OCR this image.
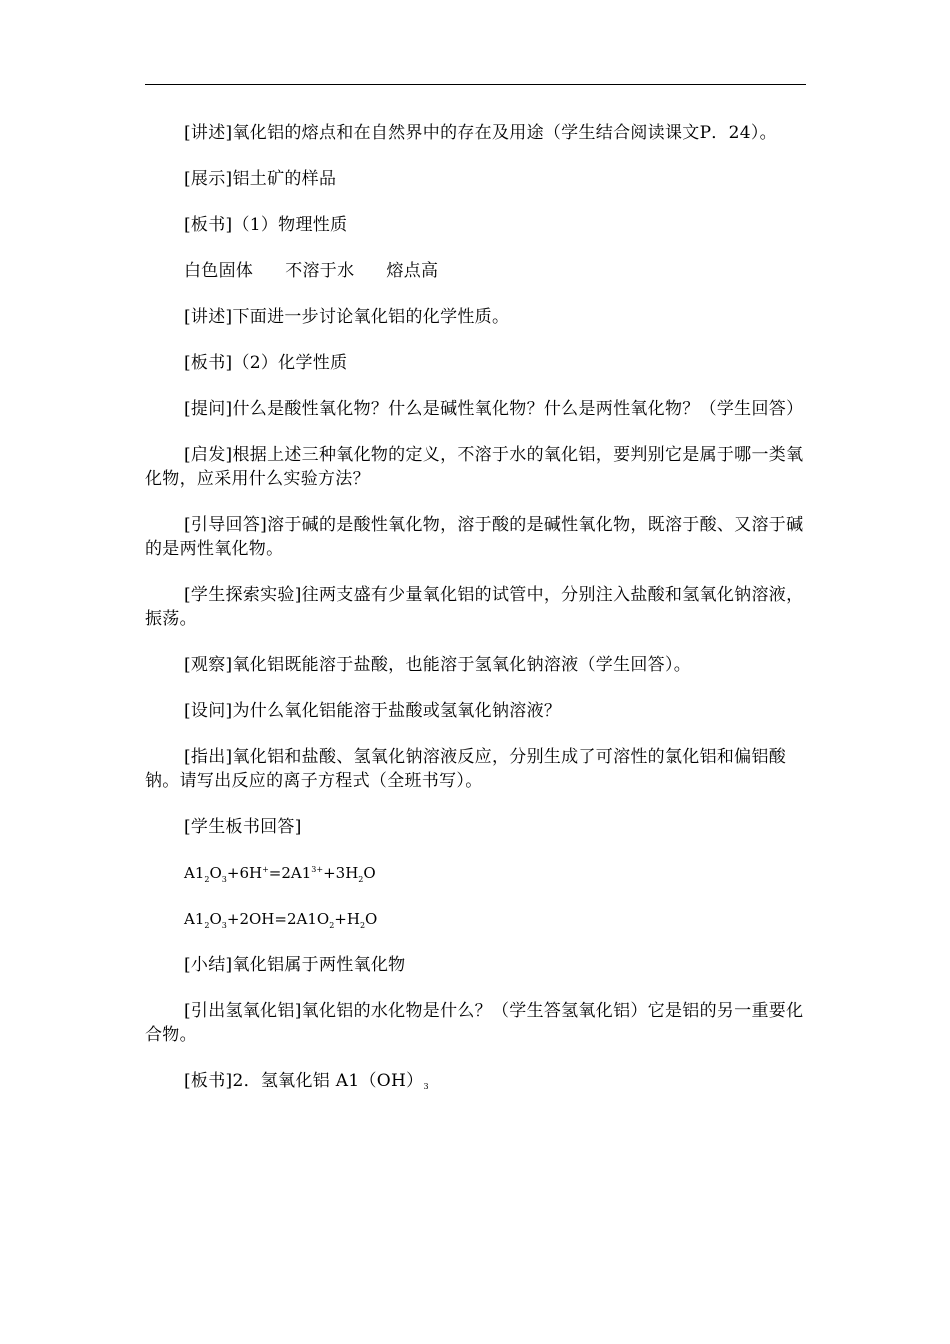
[讲述]氧化铝的熔点和在自然界中的存在及用途（学生结合阅读课文P．24）。

[展示]铝土矿的样品

[板书]（1）物理性质

白色固体 不溶于水 熔点高

[讲述]下面进一步讨论氧化铝的化学性质。

[板书]（2）化学性质

[提问]什么是酸性氧化物？什么是碱性氧化物？什么是两性氧化物？（学生回答）

[启发]根据上述三种氧化物的定义，不溶于水的氧化铝，要判别它是属于哪一类氧化物，应采用什么实验方法？

[引导回答]溶于碱的是酸性氧化物，溶于酸的是碱性氧化物，既溶于酸、又溶于碱的是两性氧化物。

[学生探索实验]往两支盛有少量氧化铝的试管中，分别注入盐酸和氢氧化钠溶液，振荡。

[观察]氧化铝既能溶于盐酸，也能溶于氢氧化钠溶液（学生回答）。

[设问]为什么氧化铝能溶于盐酸或氢氧化钠溶液？

[指出]氧化铝和盐酸、氢氧化钠溶液反应，分别生成了可溶性的氯化铝和偏铝酸钠。请写出反应的离子方程式（全班书写）。

[学生板书回答]

$A1_2O_3+6H^+=2A1^{3+}+3H_2O$

$A1_2O_3+2OH=2A1O_2+H_2O$

[小结]氧化铝属于两性氧化物

[引出氢氧化铝]氧化铝的水化物是什么？（学生答氢氧化铝）它是铝的另一重要化合物。

[板书]2．氢氧化铝 A1（OH）3
